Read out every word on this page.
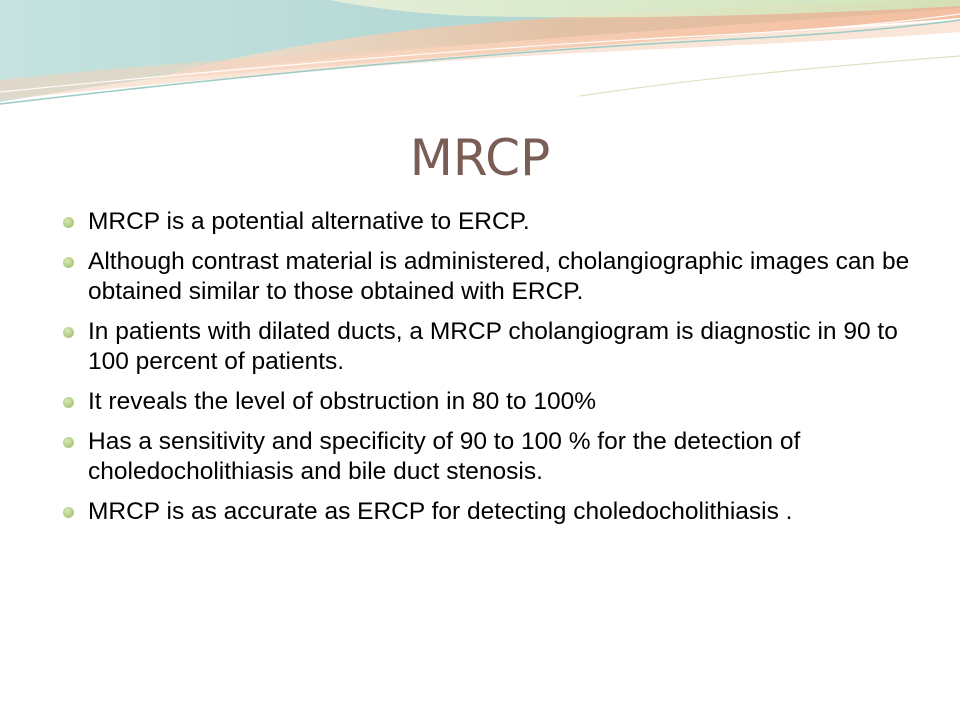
MRCP
MRCP is a potential alternative to ERCP.
Although contrast material is administered, cholangiographic images can be obtained similar to those obtained with ERCP.
In patients with dilated ducts, a MRCP cholangiogram is diagnostic in 90 to 100 percent of patients.
It reveals the level of obstruction in 80 to 100%
Has a sensitivity and specificity of 90 to 100 % for the detection of choledocholithiasis and bile duct stenosis.
MRCP is as accurate as ERCP for detecting choledocholithiasis .
